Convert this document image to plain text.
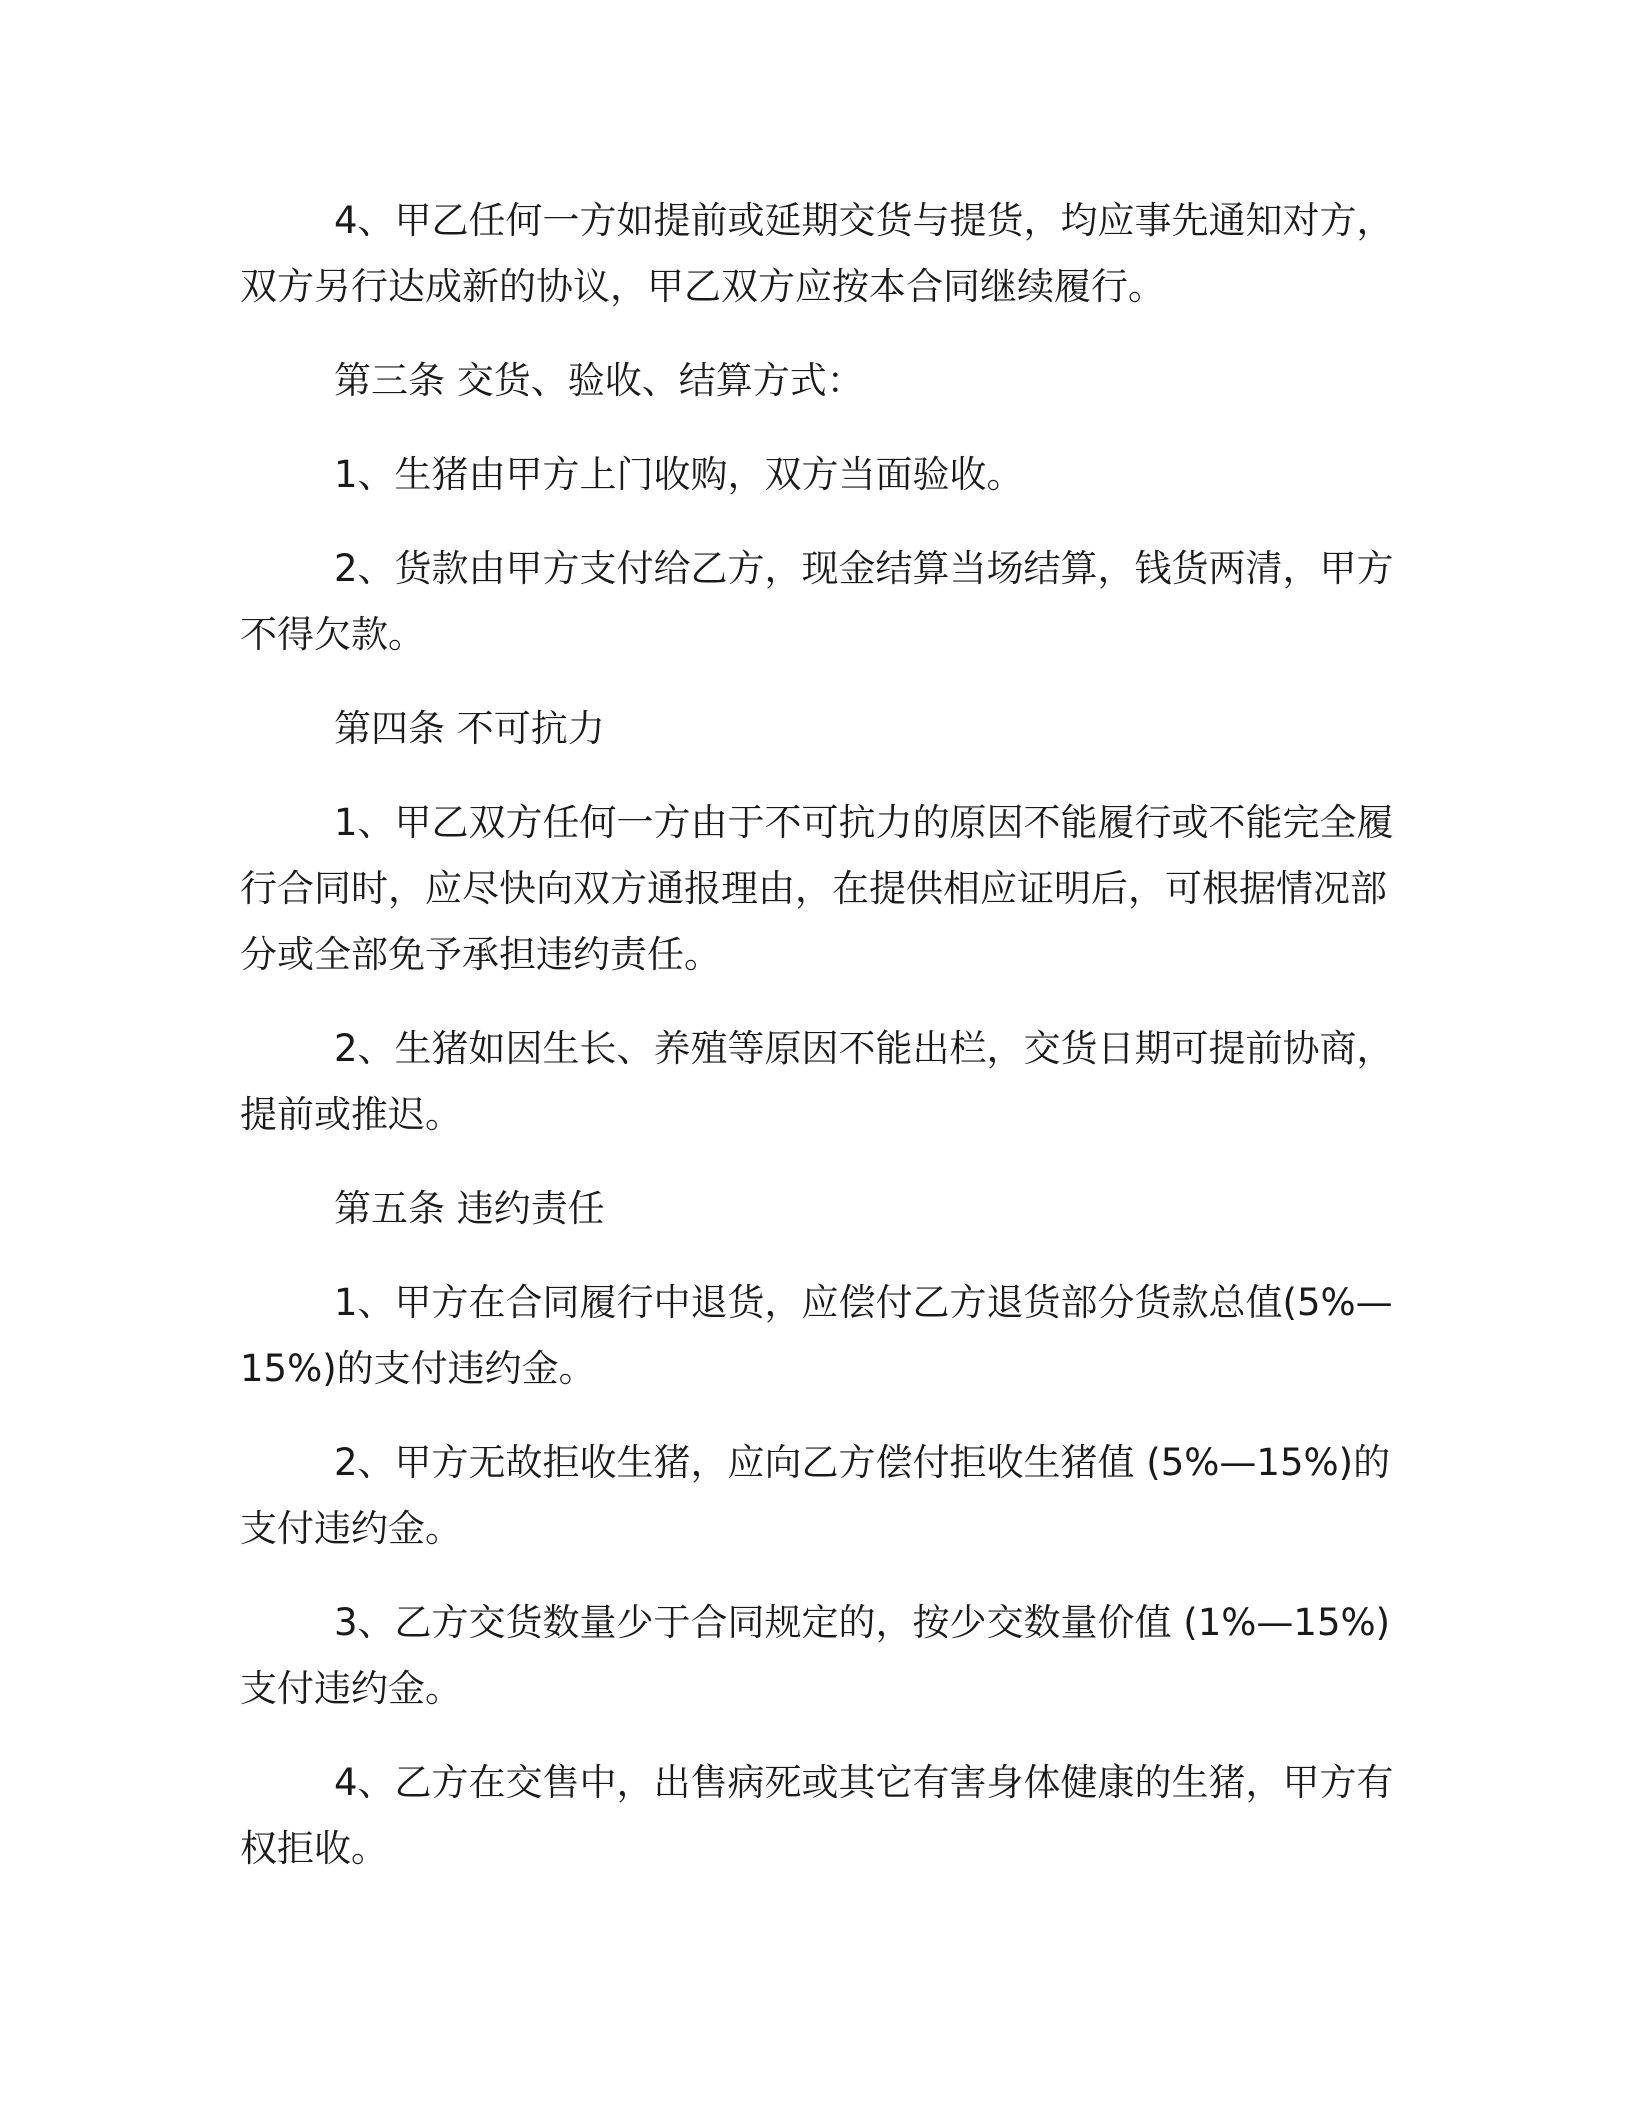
4、甲乙任何一方如提前或延期交货与提货，均应事先通知对方，双方另行达成新的协议，甲乙双方应按本合同继续履行。

第三条 交货、验收、结算方式：

1、生猪由甲方上门收购，双方当面验收。

2、货款由甲方支付给乙方，现金结算当场结算，钱货两清，甲方不得欠款。

第四条 不可抗力

1、甲乙双方任何一方由于不可抗力的原因不能履行或不能完全履行合同时，应尽快向双方通报理由，在提供相应证明后，可根据情况部分或全部免予承担违约责任。

2、生猪如因生长、养殖等原因不能出栏，交货日期可提前协商，提前或推迟。

第五条 违约责任

1、甲方在合同履行中退货，应偿付乙方退货部分货款总值(5%—15%)的支付违约金。

2、甲方无故拒收生猪，应向乙方偿付拒收生猪值 (5%—15%)的支付违约金。

3、乙方交货数量少于合同规定的，按少交数量价值 (1%—15%)支付违约金。

4、乙方在交售中，出售病死或其它有害身体健康的生猪，甲方有权拒收。
